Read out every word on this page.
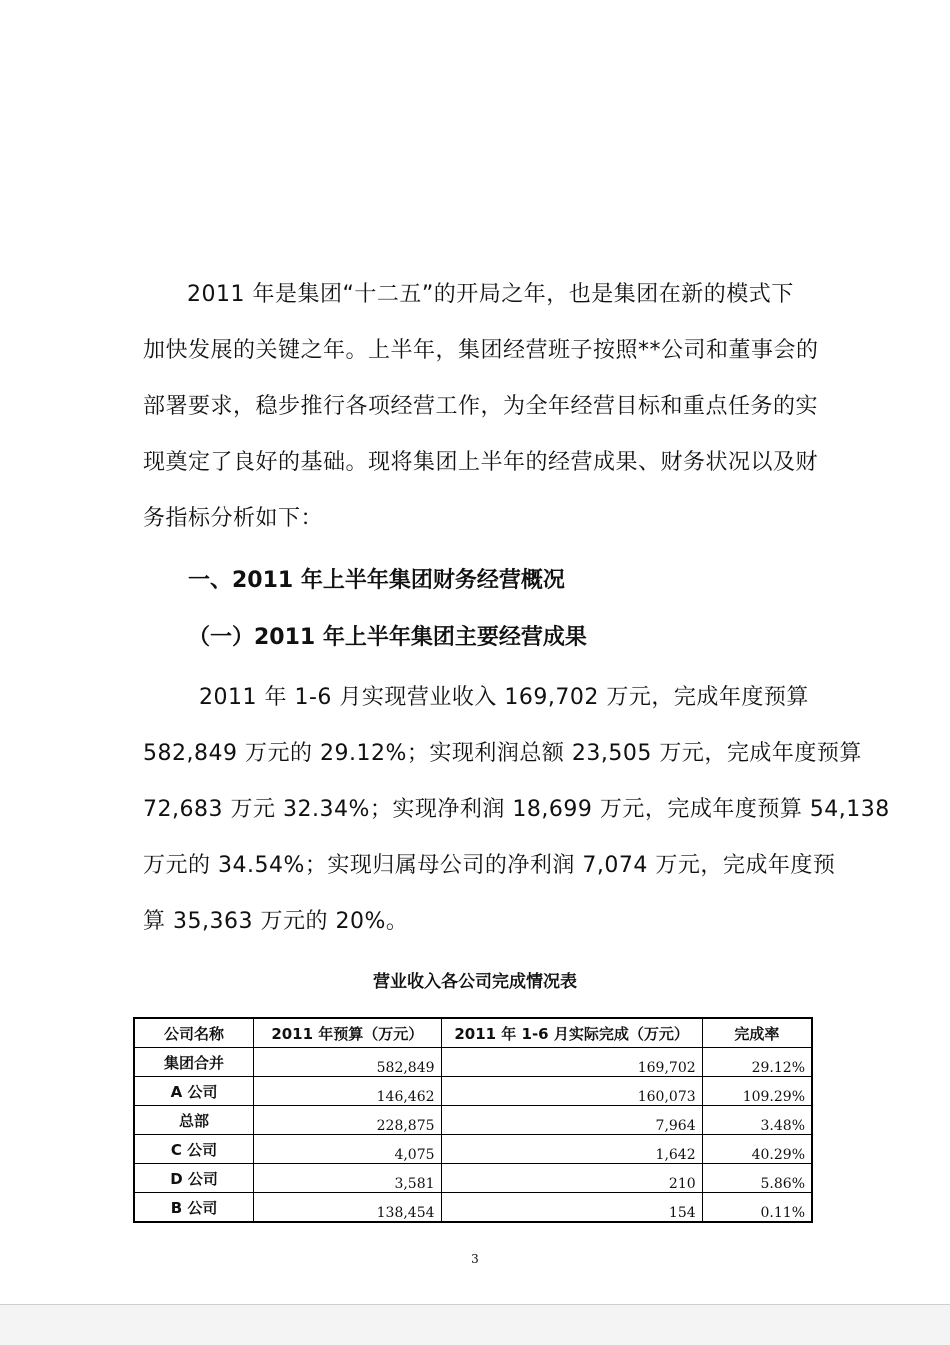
2011 年是集团“十二五”的开局之年，也是集团在新的模式下
加快发展的关键之年。上半年，集团经营班子按照**公司和董事会的
部署要求，稳步推行各项经营工作，为全年经营目标和重点任务的实
现奠定了良好的基础。现将集团上半年的经营成果、财务状况以及财
务指标分析如下：
一、2011 年上半年集团财务经营概况
（一）2011 年上半年集团主要经营成果
2011 年 1-6 月实现营业收入 169,702 万元，完成年度预算
582,849 万元的 29.12%；实现利润总额 23,505 万元，完成年度预算
72,683 万元 32.34%；实现净利润 18,699 万元，完成年度预算 54,138
万元的 34.54%；实现归属母公司的净利润 7,074 万元，完成年度预
算 35,363 万元的 20%。
营业收入各公司完成情况表
公司名称	2011 年预算（万元）	2011 年 1-6 月实际完成（万元）	完成率
集团合并	582,849	169,702	29.12%
A 公司	146,462	160,073	109.29%
总部	228,875	7,964	3.48%
C 公司	4,075	1,642	40.29%
D 公司	3,581	210	5.86%
B 公司	138,454	154	0.11%
3
